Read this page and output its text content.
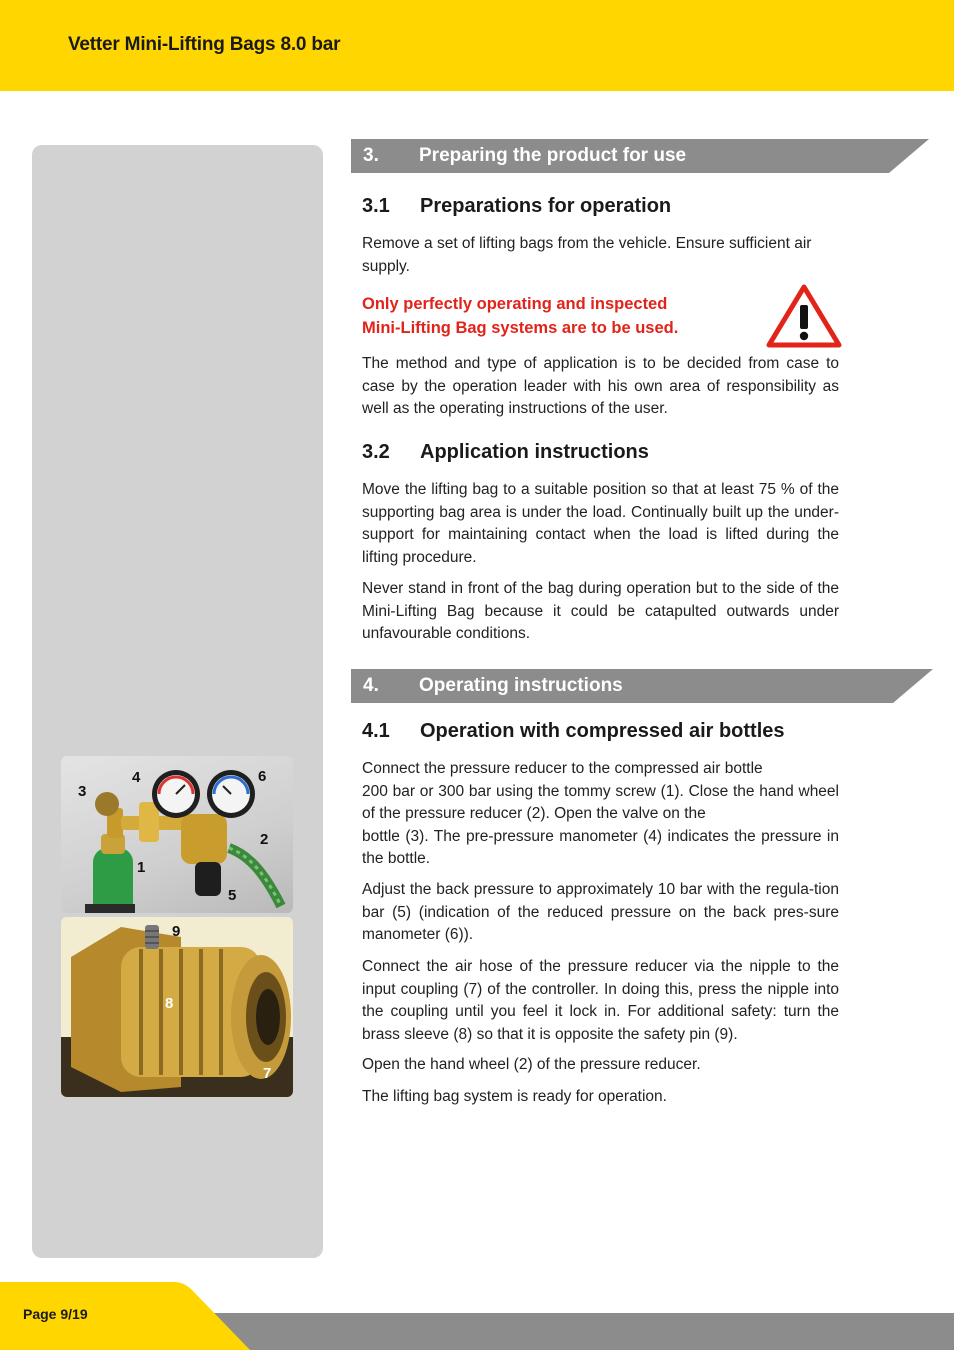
Vetter Mini-Lifting Bags 8.0 bar
3
4	6
2
1
5
9
8
7
3. Preparing the product for use
3.1 Preparations for operation
Remove a set of lifting bags from the vehicle. Ensure sufficient air supply.
Only perfectly operating and inspected
Mini-Lifting Bag systems are to be used.
The method and type of application is to be decided from case to case by the operation leader with his own area of responsibility as well as the operating instructions of the user.
3.2 Application instructions
Move the lifting bag to a suitable position so that at least 75 % of the supporting bag area is under the load. Continually built up the under-support for maintaining contact when the load is lifted during the lifting procedure.
Never stand in front of the bag during operation but to the side of the Mini-Lifting Bag because it could be catapulted outwards under unfavourable conditions.
4. Operating instructions
4.1 Operation with compressed air bottles
Connect the pressure reducer to the compressed air bottle
200 bar or 300 bar using the tommy screw (1). Close the hand wheel of the pressure reducer (2). Open the valve on the
bottle (3). The pre-pressure manometer (4) indicates the pressure in the bottle.
Adjust the back pressure to approximately 10 bar with the regula-tion bar (5) (indication of the reduced pressure on the back pres-sure manometer (6)).
Connect the air hose of the pressure reducer via the nipple to the input coupling (7) of the controller. In doing this, press the nipple into the coupling until you feel it lock in. For additional safety: turn the brass sleeve (8) so that it is opposite the safety pin (9).
Open the hand wheel (2) of the pressure reducer.
The lifting bag system is ready for operation.
Page 9/19
